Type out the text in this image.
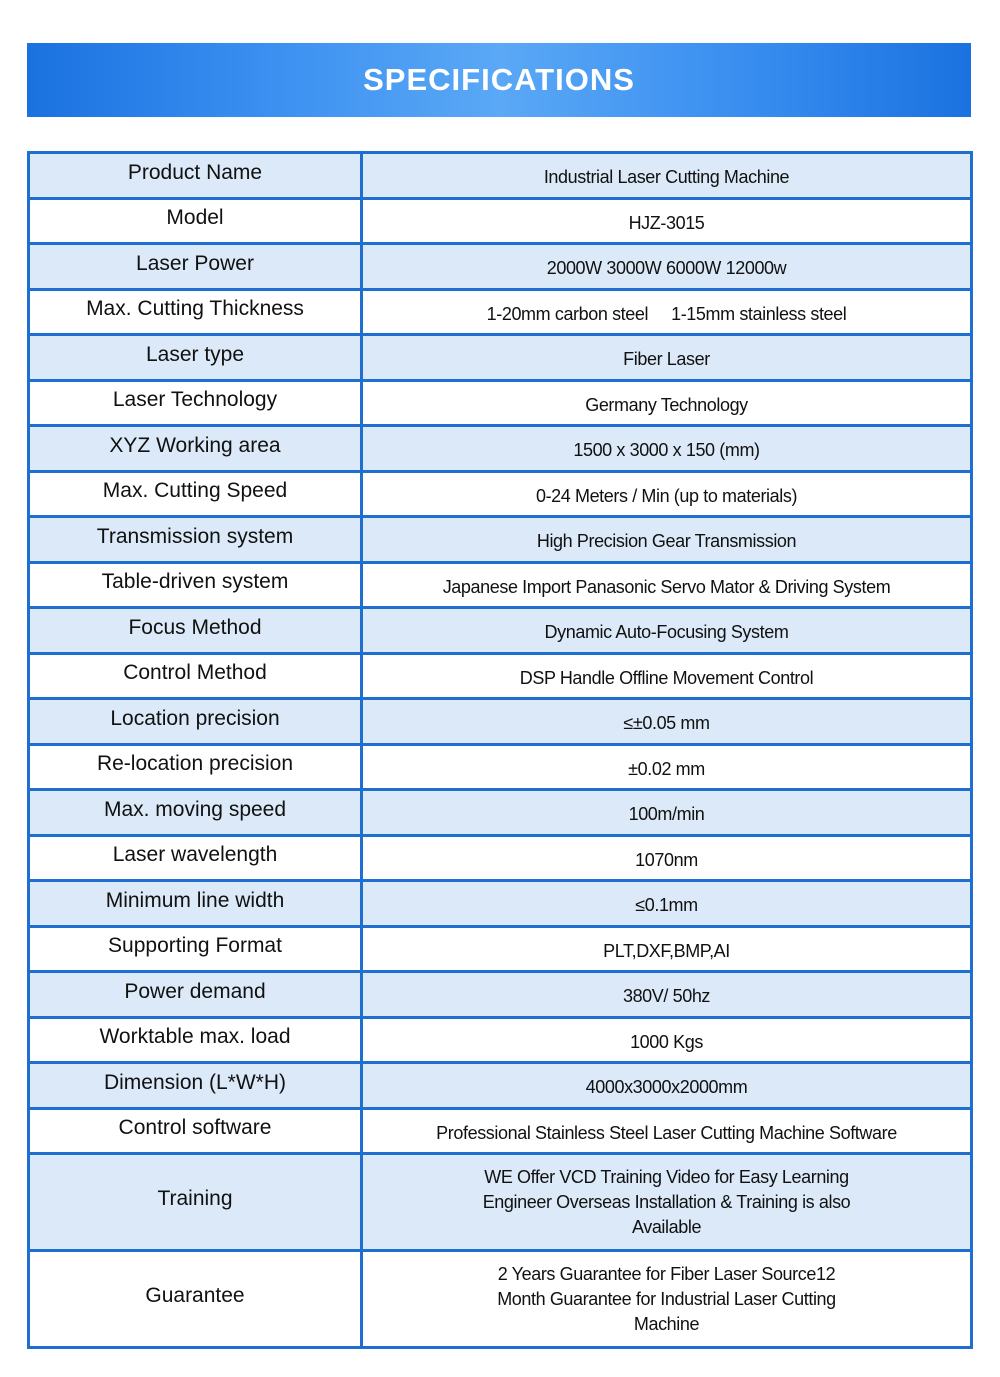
SPECIFICATIONS
Product Name	Industrial Laser Cutting Machine
Model	HJZ-3015
Laser Power	2000W 3000W 6000W 12000w
Max. Cutting Thickness	1-20mm carbon steel     1-15mm stainless steel
Laser type	Fiber Laser
Laser Technology	Germany Technology
XYZ Working area	1500 x 3000 x 150 (mm)
Max. Cutting Speed	0-24 Meters / Min (up to materials)
Transmission system	High Precision Gear Transmission
Table-driven system	Japanese Import Panasonic Servo Mator & Driving System
Focus Method	Dynamic Auto-Focusing System
Control Method	DSP Handle Offline Movement Control
Location precision	≤±0.05 mm
Re-location precision	±0.02 mm
Max. moving speed	100m/min
Laser wavelength	1070nm
Minimum line width	≤0.1mm
Supporting Format	PLT,DXF,BMP,AI
Power demand	380V/ 50hz
Worktable max. load	1000 Kgs
Dimension (L*W*H)	4000x3000x2000mm
Control software	Professional Stainless Steel Laser Cutting Machine Software
Training	WE Offer VCD Training Video for Easy Learning
Engineer Overseas Installation & Training is also
Available

Guarantee	2 Years Guarantee for Fiber Laser Source12
Month Guarantee for Industrial Laser Cutting
Machine
